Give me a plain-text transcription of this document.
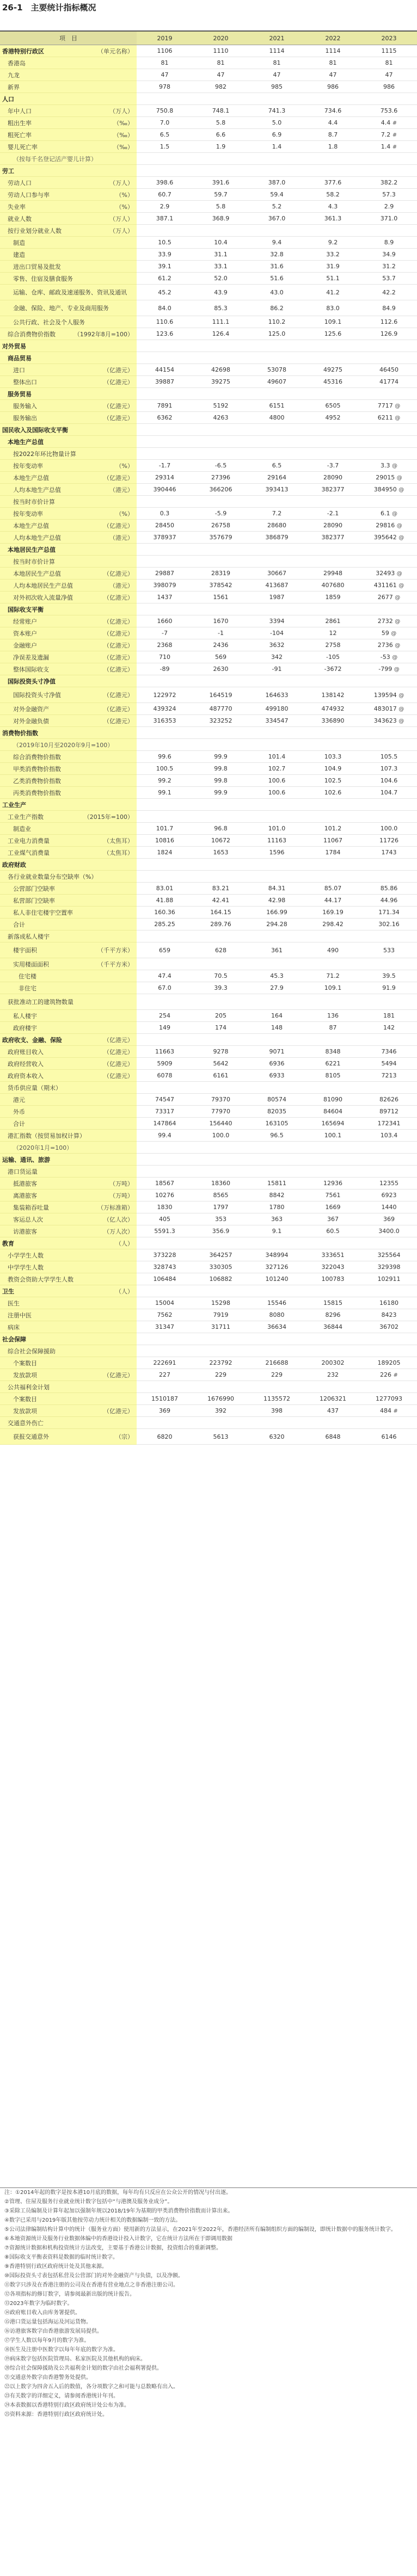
26-1　主要统计指标概况
项　目	2019	2020	2021	2022	2023

（单元名称）
香港特别行政区	1106	1110	1114	1114	1115
香港岛	81	81	81	81	81
九龙	47	47	47	47	47
新界	978	982	985	986	986
人口					

（万人）
年中人口	750.8	748.1	741.3	734.6	753.6

（‰）
粗出生率	7.0	5.8	5.0	4.4	4.4 #

（‰）
粗死亡率	6.5	6.6	6.9	8.7	7.2 #

（‰）
婴儿死亡率	1.5	1.9	1.4	1.8	1.4 #
（按每千名登记活产婴儿计算）					
劳工					

（万人）
劳动人口	398.6	391.6	387.0	377.6	382.2

（%）
劳动人口参与率	60.7	59.7	59.4	58.2	57.3

（%）
失业率	2.9	5.8	5.2	4.3	2.9

（万人）
就业人数	387.1	368.9	367.0	361.3	371.0

（万人）
按行业划分就业人数					
制造	10.5	10.4	9.4	9.2	8.9
建造	33.9	31.1	32.8	33.2	34.9
进出口贸易及批发	39.1	33.1	31.6	31.9	31.2
零售、住宿及膳食服务	61.2	52.0	51.6	51.1	53.7
运输、仓库、邮政及速递服务、资讯及通讯	45.2	43.9	43.0	41.2	42.2
金融、保险、地产、专业及商用服务	84.0	85.3	86.2	83.0	84.9
公共行政、社会及个人服务	110.6	111.1	110.2	109.1	112.6

（1992年8月=100）
综合消费物价指数	123.6	126.4	125.0	125.6	126.9
对外贸易					
商品贸易					

（亿港元）
进口	44154	42698	53078	49275	46450

（亿港元）
整体出口	39887	39275	49607	45316	41774
服务贸易					

（亿港元）
服务输入	7891	5192	6151	6505	7717 @

（亿港元）
服务输出	6362	4263	4800	4952	6211 @
国民收入及国际收支平衡					
本地生产总值					
按2022年环比物量计算					

（%）
按年变动率	-1.7	-6.5	6.5	-3.7	3.3 @

（亿港元）
本地生产总值	29314	27396	29164	28090	29015 @

（港元）
人均本地生产总值	390446	366206	393413	382377	384950 @
按当时市价计算					

（%）
按年变动率	0.3	-5.9	7.2	-2.1	6.1 @

（亿港元）
本地生产总值	28450	26758	28680	28090	29816 @

（港元）
人均本地生产总值	378937	357679	386879	382377	395642 @
本地居民生产总值					
按当时市价计算					

（亿港元）
本地居民生产总值	29887	28319	30667	29948	32493 @

（港元）
人均本地居民生产总值	398079	378542	413687	407680	431161 @

（亿港元）
对外初次收入流量净值	1437	1561	1987	1859	2677 @
国际收支平衡					

（亿港元）
经常账户	1660	1670	3394	2861	2732 @

（亿港元）
资本账户	-7	-1	-104	12	59 @

（亿港元）
金融账户	2368	2436	3632	2758	2736 @

（亿港元）
净误差及遗漏	710	569	342	-105	-53 @

（亿港元）
整体国际收支	-89	2630	-91	-3672	-799 @
国际投资头寸净值					

（亿港元）
国际投资头寸净值	122972	164519	164633	138142	139594 @

（亿港元）
对外金融资产	439324	487770	499180	474932	483017 @

（亿港元）
对外金融负债	316353	323252	334547	336890	343623 @
消费物价指数					
（2019年10月至2020年9月=100）					
综合消费物价指数	99.6	99.9	101.4	103.3	105.5
甲类消费物价指数	100.5	99.8	102.7	104.9	107.3
乙类消费物价指数	99.2	99.8	100.6	102.5	104.6
丙类消费物价指数	99.1	99.9	100.6	102.6	104.7
工业生产					

（2015年=100）
工业生产指数					
制造业	101.7	96.8	101.0	101.2	100.0

（太焦耳）
工业电力消费量	10816	10672	11163	11067	11726

（太焦耳）
工业煤气消费量	1824	1653	1596	1784	1743
政府财政					
各行业就业数量分布空缺率（%）					
公营部门空缺率	83.01	83.21	84.31	85.07	85.86
私营部门空缺率	41.88	42.41	42.98	44.17	44.96
私人非住宅楼宇空置率	160.36	164.15	166.99	169.19	171.34
合计	285.25	289.76	294.28	298.42	302.16
新落成私人楼宇					

（千平方米）
楼宇面积	659	628	361	490	533

（千平方米）
实用楼面面积					
住宅楼	47.4	70.5	45.3	71.2	39.5
非住宅	67.0	39.3	27.9	109.1	91.9
获批准动工的建筑物数量					
私人楼宇	254	205	164	136	181
政府楼宇	149	174	148	87	142

（亿港元）
政府收支、金融、保险					

（亿港元）
政府账目收入	11663	9278	9071	8348	7346

（亿港元）
政府经营收入	5909	5642	6936	6221	5494

（亿港元）
政府资本收入	6078	6161	6933	8105	7213
货币供应量（期末）					
港元	74547	79370	80574	81090	82626
外币	73317	77970	82035	84604	89712
合计	147864	156440	163105	165694	172341
港汇指数（按贸易加权计算）	99.4	100.0	96.5	100.1	103.4
（2020年1月=100）					
运输、通讯、旅游					
港口货运量					

（万吨）
抵港旅客	18567	18360	15811	12936	12355

（万吨）
离港旅客	10276	8565	8842	7561	6923

（万标准箱）
集装箱吞吐量	1830	1797	1780	1669	1440

（亿人次）
客运总人次	405	353	363	367	369

（万人次）
访港旅客	5591.3	356.9	9.1	60.5	3400.0

（人）
教育					
小学学生人数	373228	364257	348994	333651	325564
中学学生人数	328743	330305	327126	322043	329398
教资会资助大学学生人数	106484	106882	101240	100783	102911

（人）
卫生					
医生	15004	15298	15546	15815	16180
注册中医	7562	7919	8080	8296	8423
病床	31347	31711	36634	36844	36702
社会保障					
综合社会保障援助					
个案数目	222691	223792	216688	200302	189205

（亿港元）
发放款项	227	229	229	232	226 #
公共福利金计划					
个案数目	1510187	1676990	1135572	1206321	1277093

（亿港元）
发放款项	369	392	398	437	484 #
交通意外伤亡					

（宗）
获报交通意外	6820	5613	6320	6848	6146
注：①2014年起的数字是按本港10月底的数据，每年均有只反应在公众公开的情况与付出逐。
②管理、住屋及服务行业就业统计数字包括中“与港澳及服务业成分”。
③采除工员编制及计算年起加以强制年规以2018/19年为基期的甲类消费物价指数而计算出来。
④数字已采用与2019年版其他按劳动力统计相关的数据编制一致的方法。
⑤公司法律编制结构计算中的统计（服务业方面）使用新的方法显示，在2021年至2022年，香港经济所有编制组织方面的编制设，即统计数据中的服务统计数字。
⑥本地资源统计及服务行业数据体编中的香港设计投入计数字，它在统计方法所在于即调用数据
⑦资源统计数据和机构投资统计方法改变，主要基于香港公计数据，投资组合的重新调整。
⑧国际收支平衡表资料是数据的临时统计数字。
⑨香港特别行政区政府统计处及其他来源。
⑩国际投资头寸表包括私营及公营部门的对外金融资产与负债，以及净额。
⑪数字只涉及在香港注册的公司及在香港有营业地点之非香港注册公司。
⑫各项指标的修订数字，请参阅最新出版的统计报告。
⑬2023年数字为临时数字。
⑭政府账目收入由库务署提供。
⑮港口货运量包括海运及河运货物。
⑯访港旅客数字由香港旅游发展局提供。
⑰学生人数以每年9月的数字为准。
⑱医生及注册中医数字以每年年底的数字为准。
⑲病床数字包括医院管理局、私家医院及其他机构的病床。
⑳综合社会保障援助及公共福利金计划的数字由社会福利署提供。
㉑交通意外数字由香港警务处提供。
㉒以上数字为四舍五入后的数值，各分项数字之和可能与总数略有出入。
㉓有关数字的详细定义，请参阅香港统计年刊。
㉔本表数据以香港特别行政区政府统计处公布为准。
㉕资料来源：香港特别行政区政府统计处。
